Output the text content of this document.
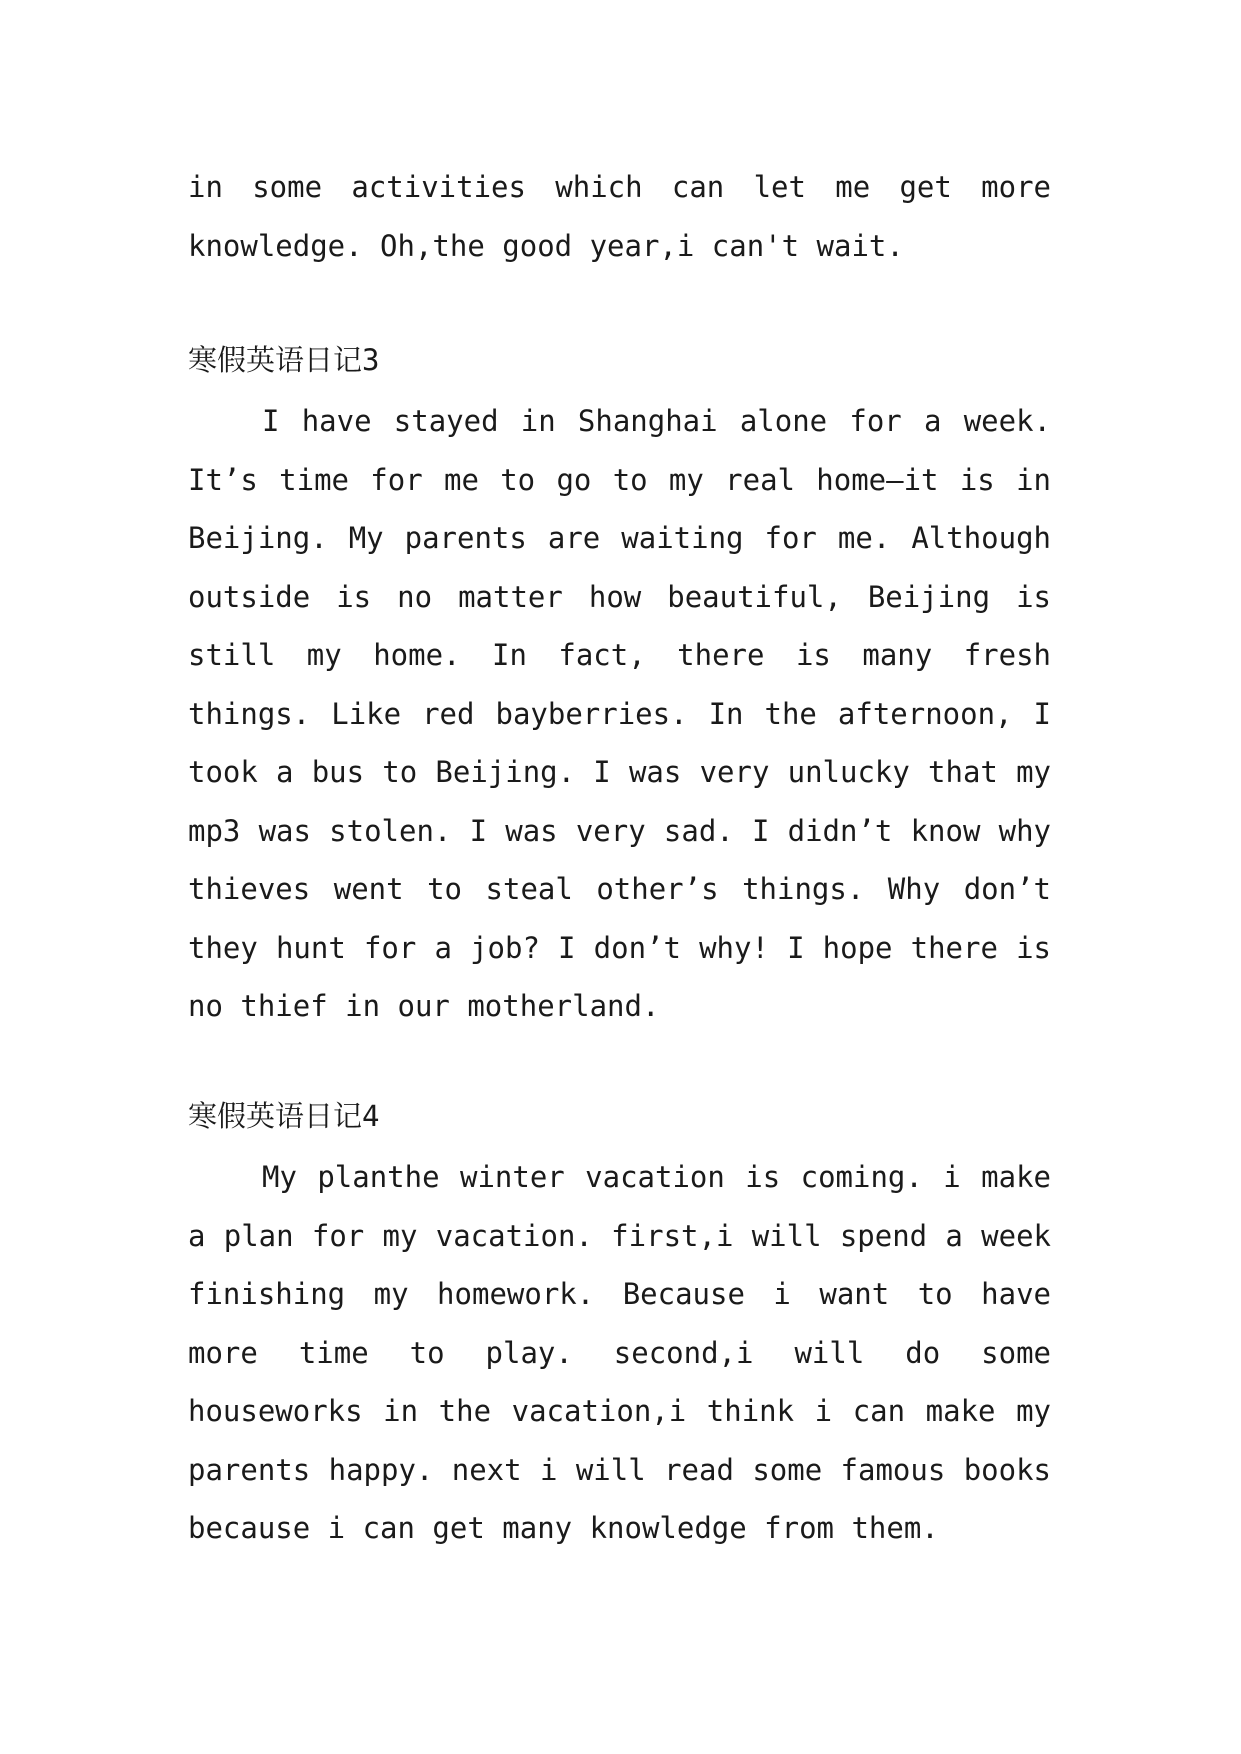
in some activities which can let me get more knowledge. Oh,the good year,i can't wait.

寒假英语日记3

I have stayed in Shanghai alone for a week. It’s time for me to go to my real home—it is in Beijing. My parents are waiting for me. Although outside is no matter how beautiful, Beijing is still my home. In fact, there is many fresh things. Like red bayberries. In the afternoon, I took a bus to Beijing. I was very unlucky that my mp3 was stolen. I was very sad. I didn’t know why thieves went to steal other’s things. Why don’t they hunt for a job? I don’t why! I hope there is no thief in our motherland.

寒假英语日记4

My planthe winter vacation is coming. i make a plan for my vacation. first,i will spend a week finishing my homework. Because i want to have more time to play. second,i will do some houseworks in the vacation,i think i can make my parents happy. next i will read some famous books because i can get many knowledge from them.
